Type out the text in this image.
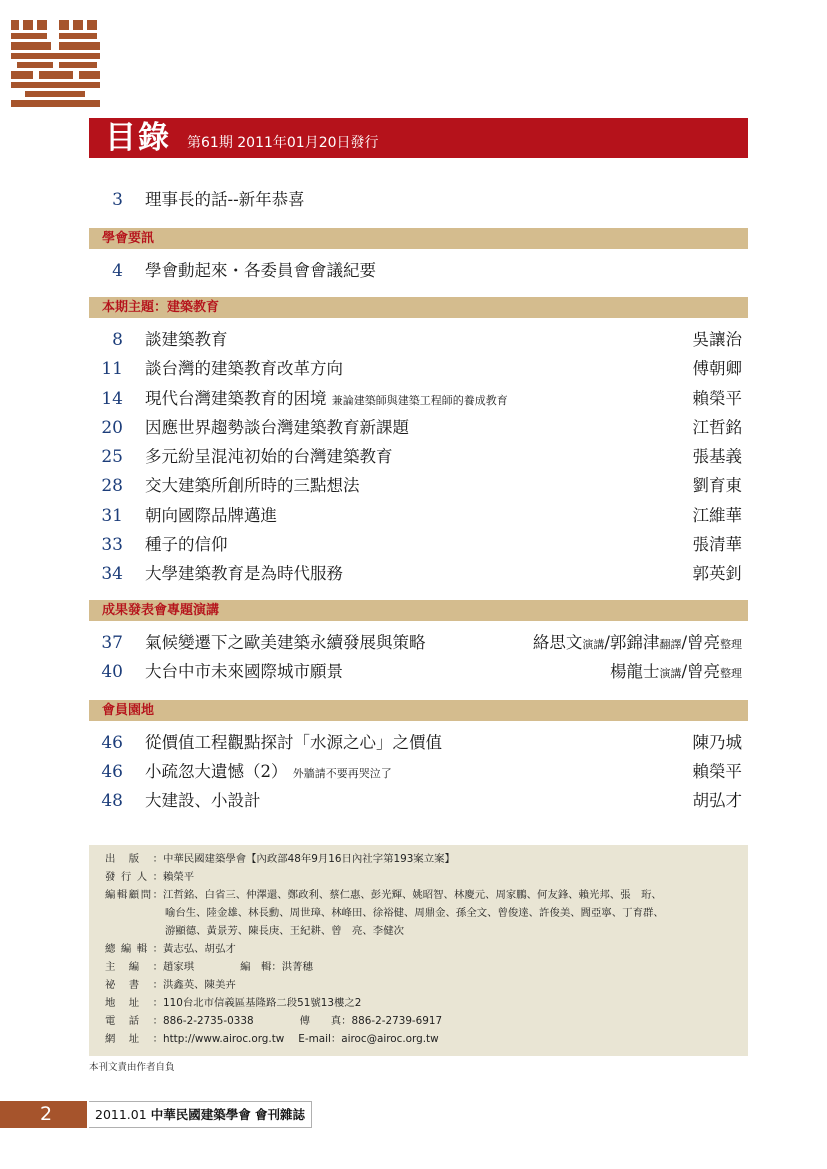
目錄 第61期 2011年01月20日發行
3 理事長的話--新年恭喜
學會要訊
4 學會動起來・各委員會會議紀要
本期主題：建築教育
8 談建築教育	吳讓治
11 談台灣的建築教育改革方向	傅朝卿
14 現代台灣建築教育的困境 兼論建築師與建築工程師的養成教育	賴榮平
20 因應世界趨勢談台灣建築教育新課題	江哲銘
25 多元紛呈混沌初始的台灣建築教育	張基義
28 交大建築所創所時的三點想法	劉育東
31 朝向國際品牌邁進	江維華
33 種子的信仰	張清華
34 大學建築教育是為時代服務	郭英釗
成果發表會專題演講
37 氣候變遷下之歐美建築永續發展與策略	絡思文演講/郭錦津翻譯/曾亮整理
40 大台中市未來國際城市願景	楊龍士演講/曾亮整理
會員園地
46 從價值工程觀點探討「水源之心」之價值	陳乃城
46 小疏忽大遺憾（2） 外牆請不要再哭泣了	賴榮平
48 大建設、小設計	胡弘才
出版：中華民國建築學會【內政部48年9月16日內社字第193案立案】
發行人：賴榮平
編輯顧問：江哲銘、白省三、仲澤還、鄭政利、蔡仁惠、彭光輝、姚昭智、林慶元、周家鵬、何友鋒、賴光邦、張　珩、
喻台生、陸金雄、林長勳、周世璋、林峰田、徐裕健、周鼎金、孫全文、曾俊達、許俊美、閻亞寧、丁育群、
游顯德、黃景芳、陳長庚、王紀耕、曾　亮、李健次
總編輯：黃志弘、胡弘才
主編：趙家琪	編　輯：洪菁穗
祕書：洪鑫英、陳美卉
地址：110台北市信義區基隆路二段51號13樓之2
電話：886-2-2735-0338	傳　　真：886-2-2739-6917
網址：http://www.airoc.org.tw E-mail：airoc@airoc.org.tw
本刊文責由作者自負
2	2011.01 中華民國建築學會 會刊雜誌
